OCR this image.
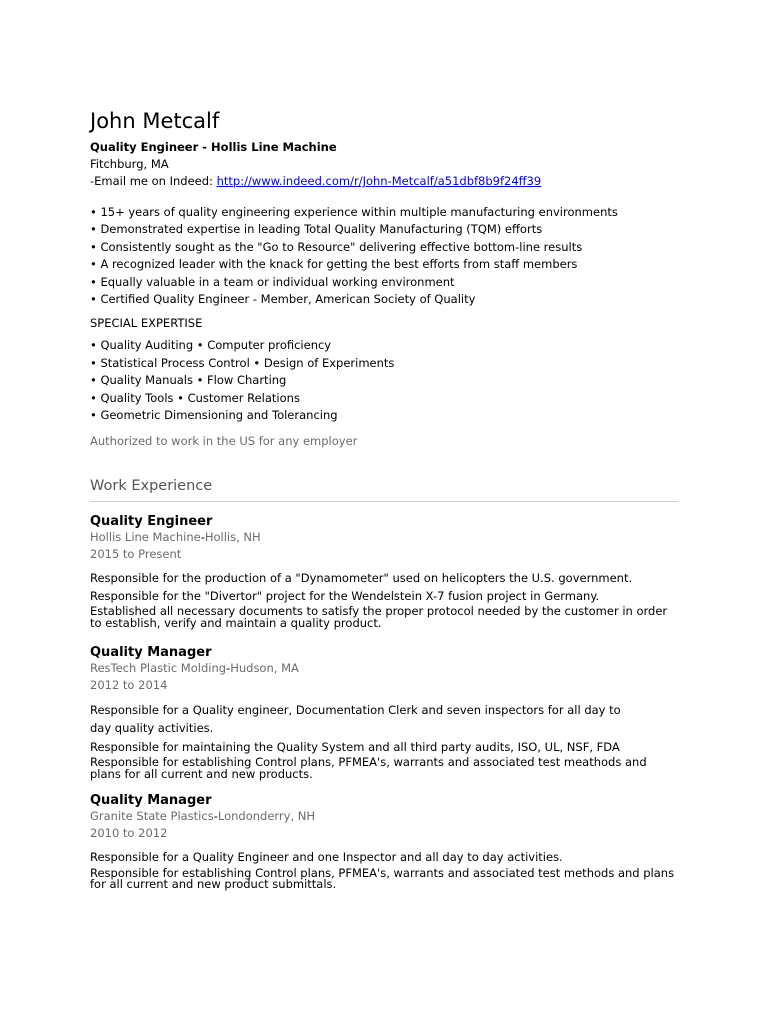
John Metcalf
Quality Engineer - Hollis Line Machine
Fitchburg, MA
-Email me on Indeed: http://www.indeed.com/r/John-Metcalf/a51dbf8b9f24ff39
• 15+ years of quality engineering experience within multiple manufacturing environments
• Demonstrated expertise in leading Total Quality Manufacturing (TQM) efforts
• Consistently sought as the "Go to Resource" delivering effective bottom-line results
• A recognized leader with the knack for getting the best efforts from staff members
• Equally valuable in a team or individual working environment
• Certified Quality Engineer - Member, American Society of Quality
SPECIAL EXPERTISE
• Quality Auditing • Computer proficiency
• Statistical Process Control • Design of Experiments
• Quality Manuals • Flow Charting
• Quality Tools • Customer Relations
• Geometric Dimensioning and Tolerancing
Authorized to work in the US for any employer
Work Experience
Quality Engineer
Hollis Line Machine-Hollis, NH
2015 to Present

Responsible for the production of a "Dynamometer" used on helicopters the U.S. government.

Responsible for the "Divertor" project for the Wendelstein X-7 fusion project in Germany.

Established all necessary documents to satisfy the proper protocol needed by the customer in order to establish, verify and maintain a quality product.

Quality Manager
ResTech Plastic Molding-Hudson, MA
2012 to 2014

Responsible for a Quality engineer, Documentation Clerk and seven inspectors for all day to day quality activities.

Responsible for maintaining the Quality System and all third party audits, ISO, UL, NSF, FDA

Responsible for establishing Control plans, PFMEA's, warrants and associated test meathods and plans for all current and new products.

Quality Manager
Granite State Plastics-Londonderry, NH
2010 to 2012

Responsible for a Quality Engineer and one Inspector and all day to day activities.

Responsible for establishing Control plans, PFMEA's, warrants and associated test methods and plans for all current and new product submittals.
